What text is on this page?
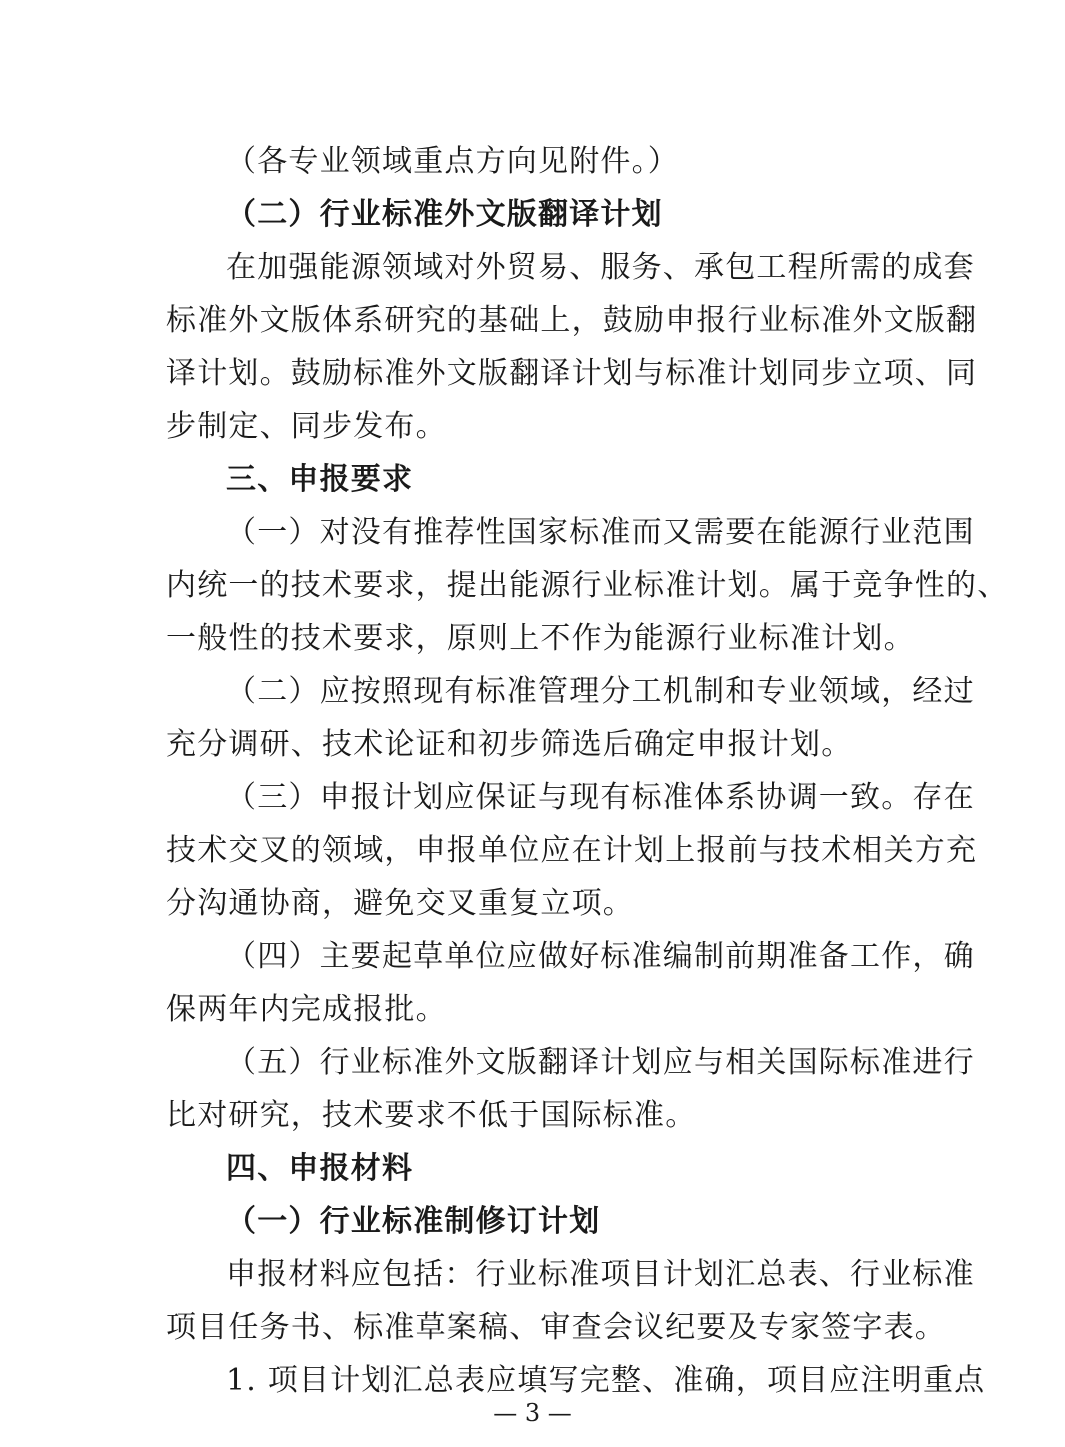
（各专业领域重点方向见附件。）
（二）行业标准外文版翻译计划
在加强能源领域对外贸易、服务、承包工程所需的成套
标准外文版体系研究的基础上，鼓励申报行业标准外文版翻
译计划。鼓励标准外文版翻译计划与标准计划同步立项、同
步制定、同步发布。
三、申报要求
（一）对没有推荐性国家标准而又需要在能源行业范围
内统一的技术要求，提出能源行业标准计划。属于竞争性的、
一般性的技术要求，原则上不作为能源行业标准计划。
（二）应按照现有标准管理分工机制和专业领域，经过
充分调研、技术论证和初步筛选后确定申报计划。
（三）申报计划应保证与现有标准体系协调一致。存在
技术交叉的领域，申报单位应在计划上报前与技术相关方充
分沟通协商，避免交叉重复立项。
（四）主要起草单位应做好标准编制前期准备工作，确
保两年内完成报批。
（五）行业标准外文版翻译计划应与相关国际标准进行
比对研究，技术要求不低于国际标准。
四、申报材料
（一）行业标准制修订计划
申报材料应包括：行业标准项目计划汇总表、行业标准
项目任务书、标准草案稿、审查会议纪要及专家签字表。
1. 项目计划汇总表应填写完整、准确，项目应注明重点
— 3 —
